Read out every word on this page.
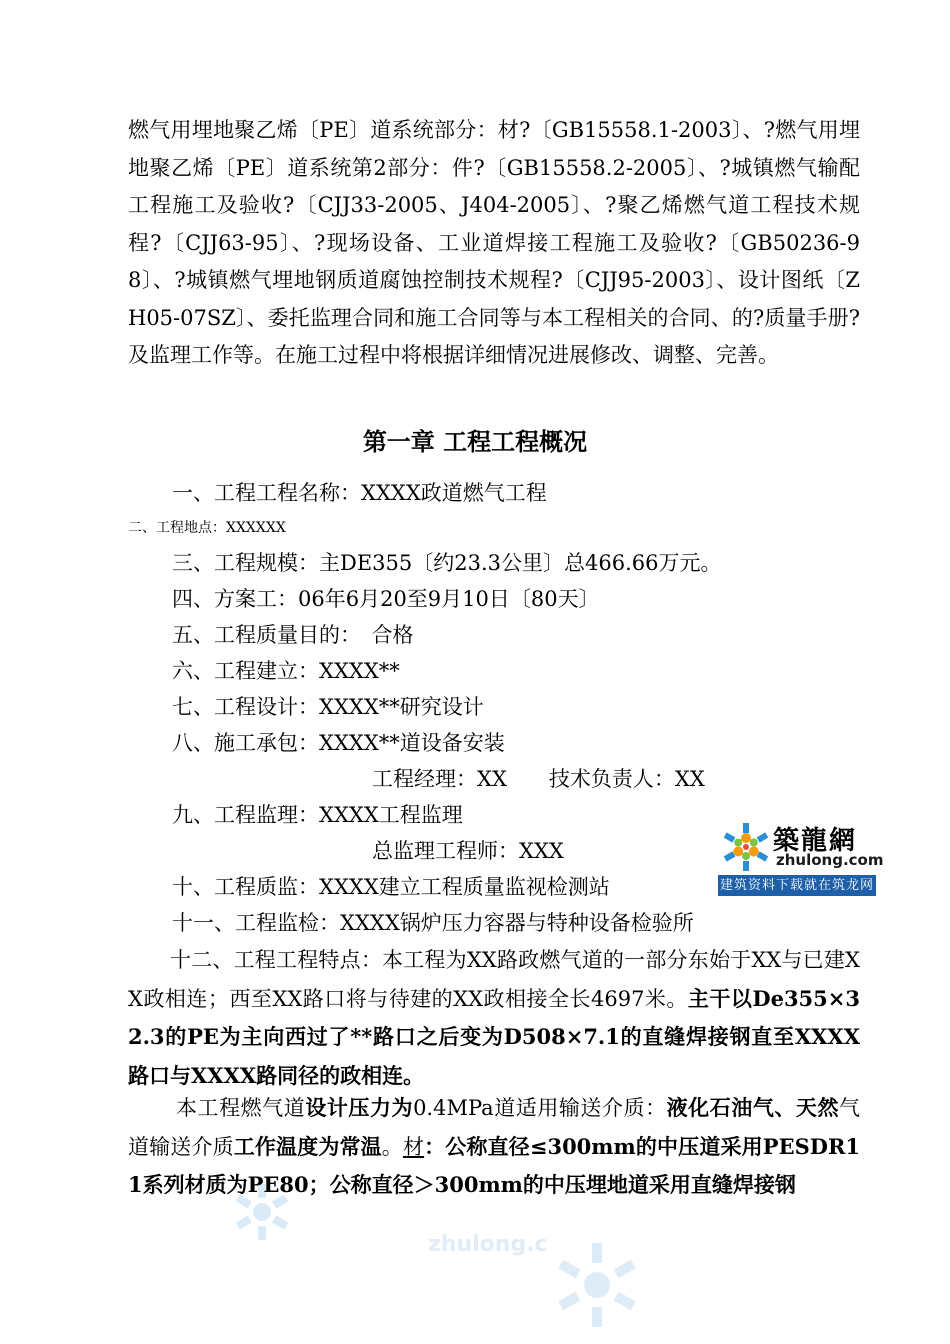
燃气用埋地聚乙烯〔PE〕道系统部分：材?〔GB15558.1-2003〕、?燃气用埋地聚乙烯〔PE〕道系统第2部分：件?〔GB15558.2-2005〕、?城镇燃气输配工程施工及验收?〔CJJ33-2005、J404-2005〕、?聚乙烯燃气道工程技术规程?〔CJJ63-95〕、?现场设备、工业道焊接工程施工及验收?〔GB50236-98〕、?城镇燃气埋地钢质道腐蚀控制技术规程?〔CJJ95-2003〕、设计图纸〔ZH05-07SZ〕、委托监理合同和施工合同等与本工程相关的合同、的?质量手册?及监理工作等。在施工过程中将根据详细情况进展修改、调整、完善。
第一章 工程工程概况
一、工程工程名称：XXXX政道燃气工程
二、工程地点：XXXXXX
三、工程规模：主DE355〔约23.3公里〕总466.66万元。
四、方案工：06年6月20至9月10日〔80天〕
五、工程质量目的：　合格
六、工程建立：XXXX**
七、工程设计：XXXX**研究设计
八、施工承包：XXXX**道设备安装
工程经理：XX　　技术负责人：XX
九、工程监理：XXXX工程监理
总监理工程师：XXX
十、工程质监：XXXX建立工程质量监视检测站
十一、工程监检：XXXX锅炉压力容器与特种设备检验所
十二、工程工程特点：本工程为XX路政燃气道的一部分东始于XX与已建XX政相连；西至XX路口将与待建的XX政相接全长4697米。主干以De355×32.3的PE为主向西过了**路口之后变为D508×7.1的直缝焊接钢直至XXXX路口与XXXX路同径的政相连。
本工程燃气道设计压力为0.4MPa道适用输送介质：液化石油气、天然气道输送介质工作温度为常温。材：公称直径≤300mm的中压道采用PESDR11系列材质为PE80；公称直径＞300mm的中压埋地道采用直缝焊接钢
築龍網
zhulong.com
建筑资料下载就在筑龙网
zhulong.c
